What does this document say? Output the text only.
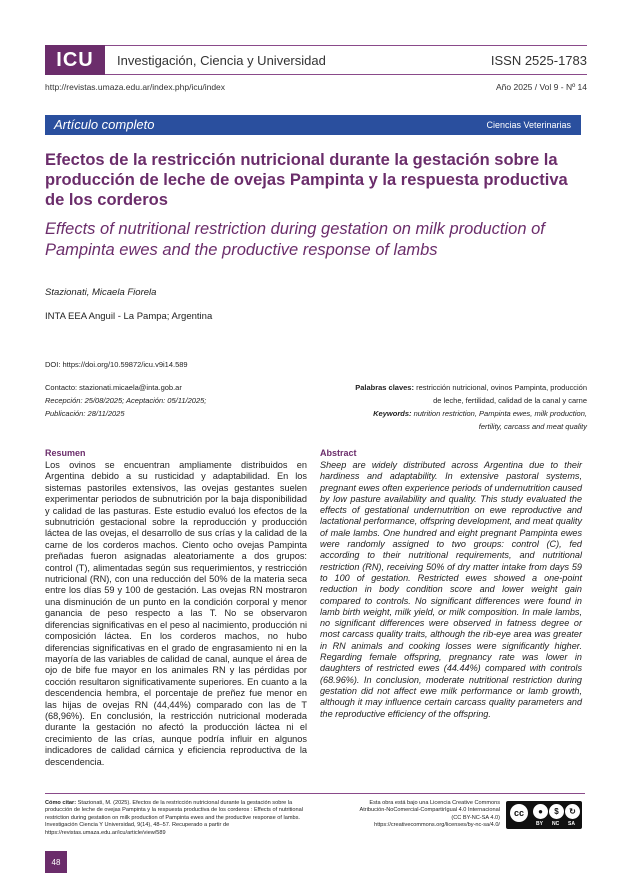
ICU	Investigación, Ciencia y Universidad	ISSN 2525-1783
http://revistas.umaza.edu.ar/index.php/icu/index	Año 2025 / Vol 9 - Nº 14
Artículo completo	Ciencias Veterinarias
Efectos de la restricción nutricional durante la gestación sobre la producción de leche de ovejas Pampinta y la respuesta productiva de los corderos
Effects of nutritional restriction during gestation on milk production of Pampinta ewes and the productive response of lambs
Stazionati, Micaela Fiorela
INTA EEA Anguil - La Pampa; Argentina
DOI: https://doi.org/10.59872/icu.v9i14.589
Contacto: stazionati.micaela@inta.gob.ar
Recepción: 25/08/2025; Aceptación: 05/11/2025;
Publicación: 28/11/2025
Palabras claves: restricción nutricional, ovinos Pampinta, producción
de leche, fertilidad, calidad de la canal y carne
Keywords: nutrition restriction, Pampinta ewes, milk production,
fertility, carcass and meat quality
Resumen
Los ovinos se encuentran ampliamente distribuidos en Argentina debido a su rusticidad y adaptabilidad. En los sistemas pastoriles extensivos, las ovejas gestantes suelen experimentar periodos de subnutrición por la baja disponibilidad y calidad de las pasturas. Este estudio evaluó los efectos de la subnutrición gestacional sobre la reproducción y producción láctea de las ovejas, el desarrollo de sus crías y la calidad de la carne de los corderos machos. Ciento ocho ovejas Pampinta preñadas fueron asignadas aleatoriamente a dos grupos: control (T), alimentadas según sus requerimientos, y restricción nutricional (RN), con una reducción del 50% de la materia seca entre los días 59 y 100 de gestación. Las ovejas RN mostraron una disminución de un punto en la condición corporal y menor ganancia de peso respecto a las T. No se observaron diferencias significativas en el peso al nacimiento, producción ni composición láctea. En los corderos machos, no hubo diferencias significativas en el grado de engrasamiento ni en la mayoría de las variables de calidad de canal, aunque el área de ojo de bife fue mayor en los animales RN y las pérdidas por cocción resultaron significativamente superiores. En cuanto a la descendencia hembra, el porcentaje de preñez fue menor en las hijas de ovejas RN (44,44%) comparado con las de T (68,96%). En conclusión, la restricción nutricional moderada durante la gestación no afectó la producción láctea ni el crecimiento de las crías, aunque podría influir en algunos indicadores de calidad cárnica y eficiencia reproductiva de la descendencia.
Abstract
Sheep are widely distributed across Argentina due to their hardiness and adaptability. In extensive pastoral systems, pregnant ewes often experience periods of undernutrition caused by low pasture availability and quality. This study evaluated the effects of gestational undernutrition on ewe reproductive and lactational performance, offspring development, and meat quality of male lambs. One hundred and eight pregnant Pampinta ewes were randomly assigned to two groups: control (C), fed according to their nutritional requirements, and nutritional restriction (RN), receiving 50% of dry matter intake from days 59 to 100 of gestation. Restricted ewes showed a one-point reduction in body condition score and lower weight gain compared to controls. No significant differences were found in lamb birth weight, milk yield, or milk composition. In male lambs, no significant differences were observed in fatness degree or most carcass quality traits, although the rib-eye area was greater in RN animals and cooking losses were significantly higher. Regarding female offspring, pregnancy rate was lower in daughters of restricted ewes (44.44%) compared with controls (68.96%). In conclusion, moderate nutritional restriction during gestation did not affect ewe milk performance or lamb growth, although it may influence certain carcass quality parameters and the reproductive efficiency of the offspring.
Cómo citar: Stazionati, M. (2025). Efectos de la restricción nutricional durante la gestación sobre la producción de leche de ovejas Pampinta y la respuesta productiva de los corderos : Effects of nutritional restriction during gestation on milk production of Pampinta ewes and the productive response of lambs. Investigación Ciencia Y Universidad, 9(14), 48–57. Recuperado a partir de https://revistas.umaza.edu.ar/icu/article/view/589
Esta obra está bajo una Licencia Creative Commons
Atribución-NoComercial-CompartirIgual 4.0 Internacional
(CC BY-NC-SA 4.0)
https://creativecommons.org/licenses/by-nc-sa/4.0/
cc	●	$	↻
BY NC SA
48
